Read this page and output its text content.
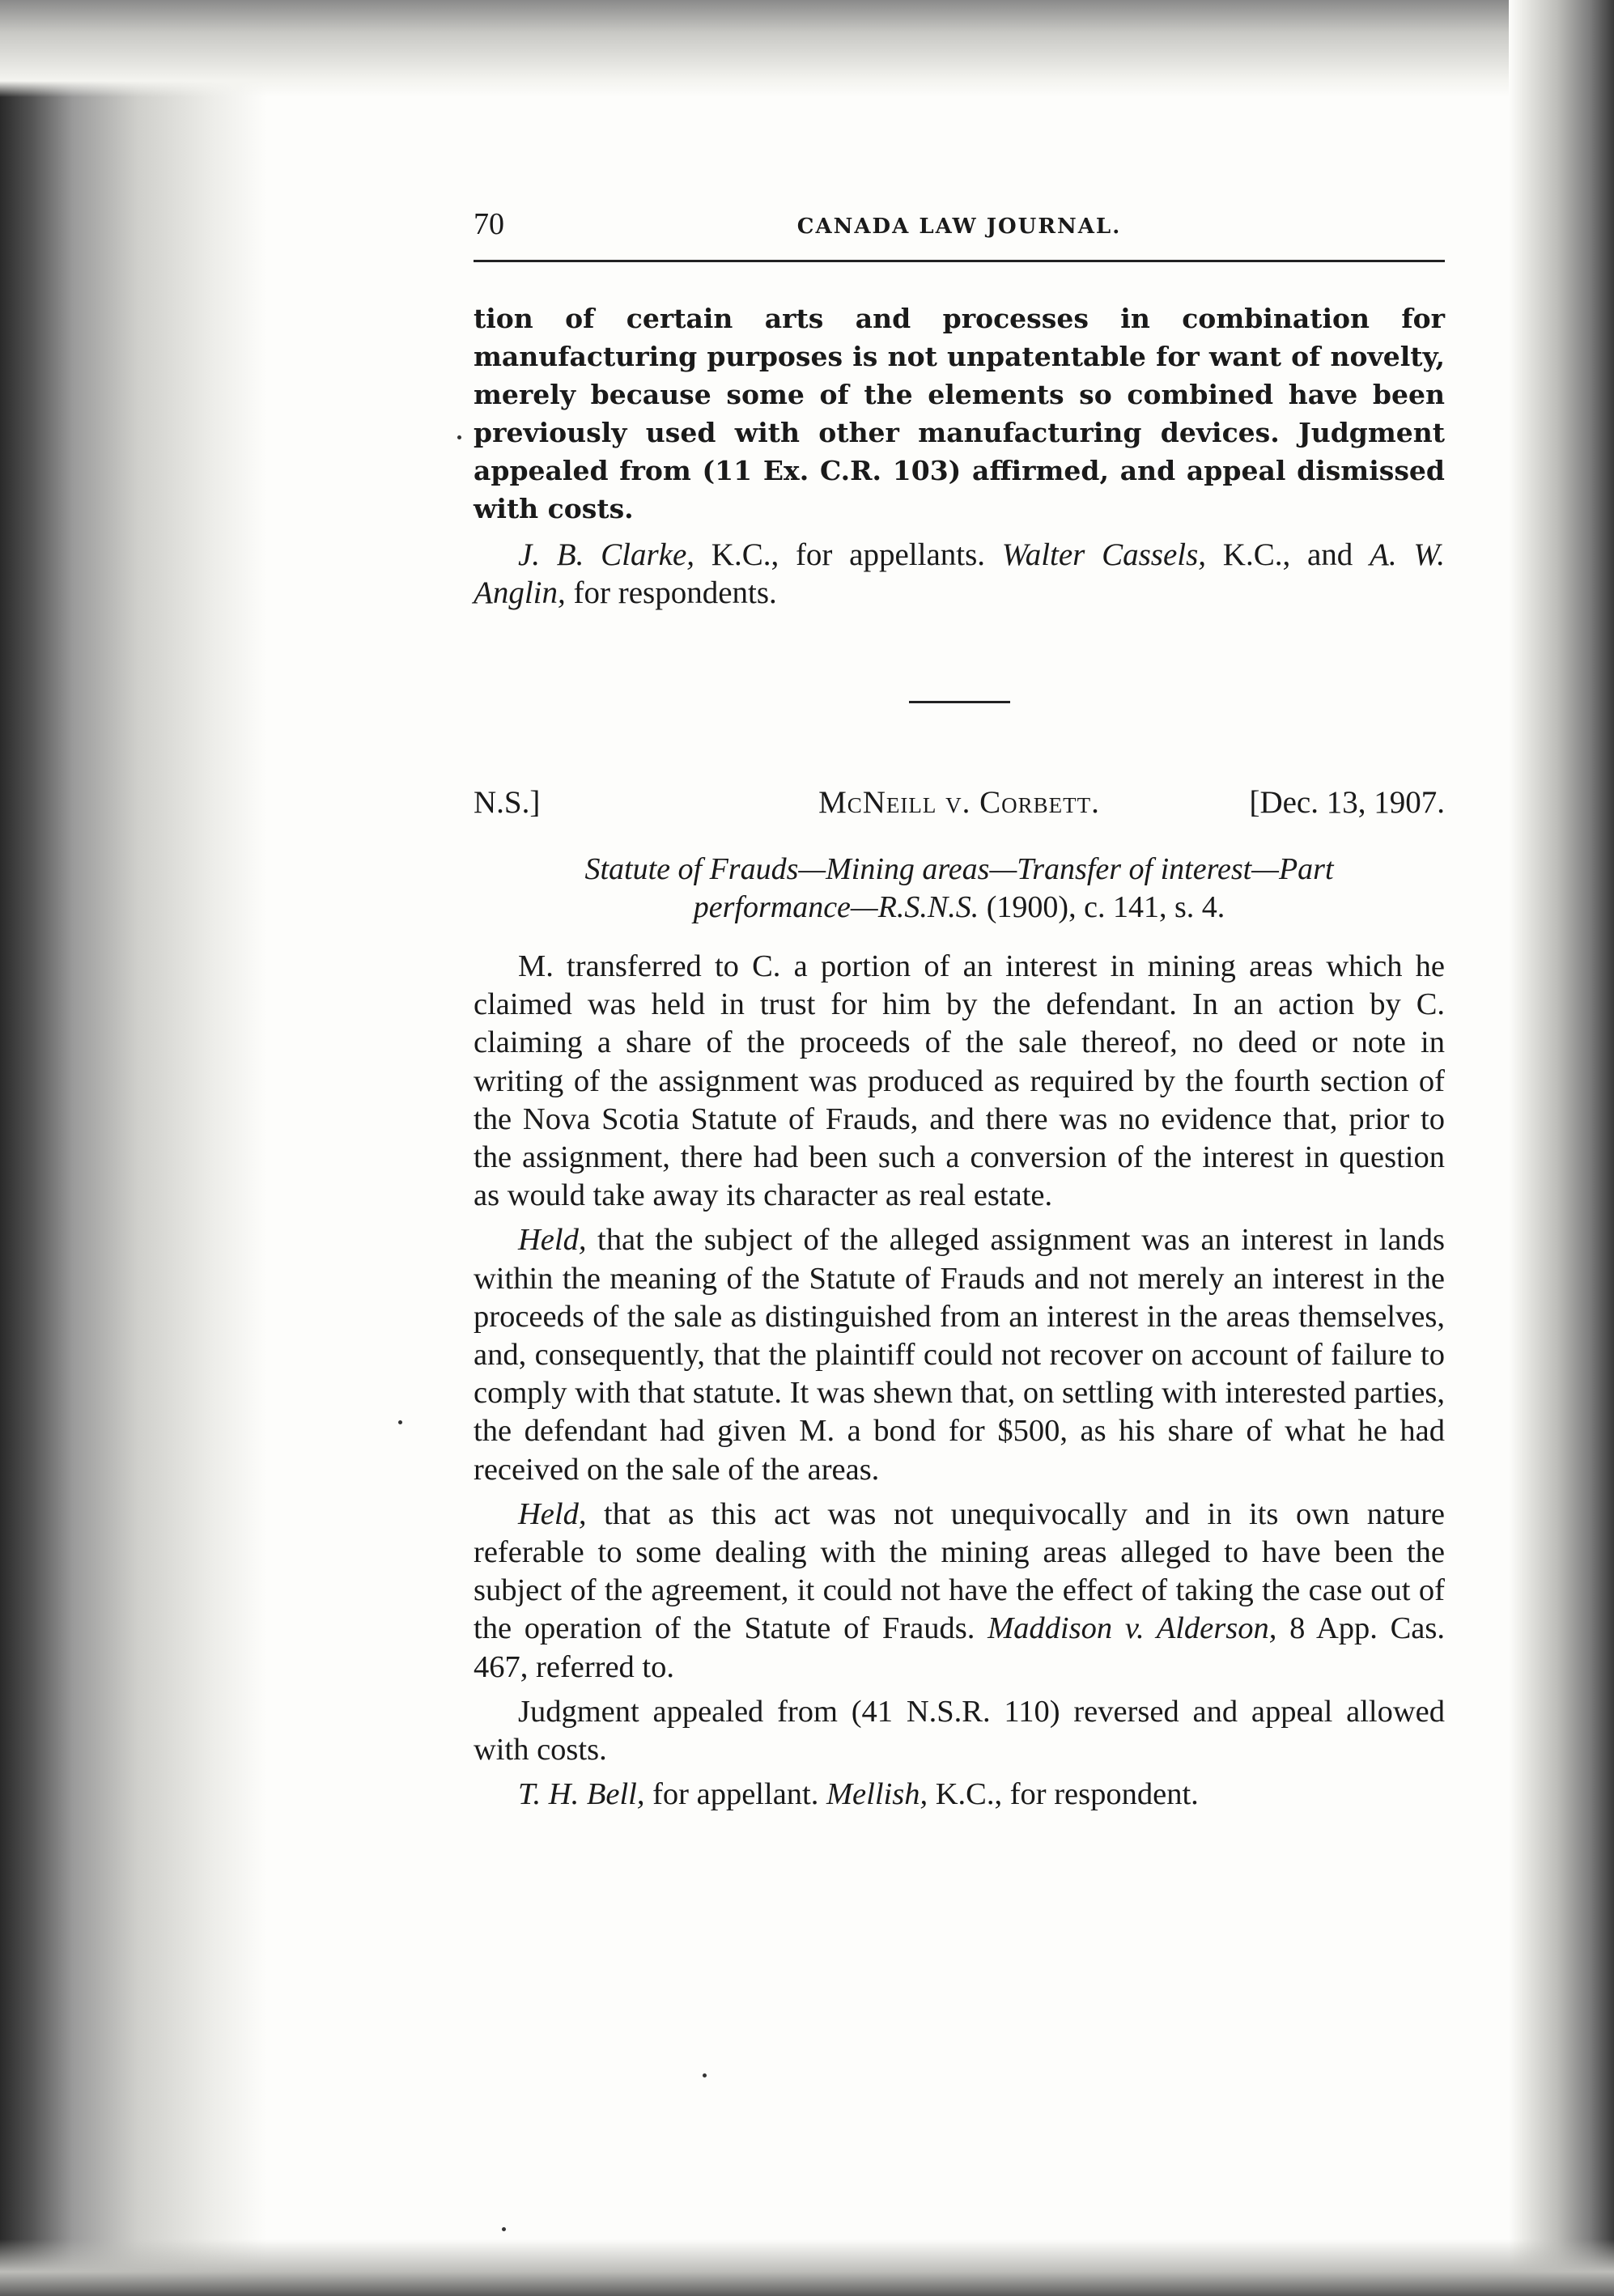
70	CANADA LAW JOURNAL.

tion of certain arts and processes in combination for manufacturing purposes is not unpatentable for want of novelty, merely because some of the elements so combined have been previously used with other manufacturing devices. Judgment appealed from (11 Ex. C.R. 103) affirmed, and appeal dismissed with costs.

J. B. Clarke, K.C., for appellants. Walter Cassels, K.C., and A. W. Anglin, for respondents.

N.S.]	McNeill v. Corbett.	[Dec. 13, 1907.

Statute of Frauds—Mining areas—Transfer of interest—Part
performance—R.S.N.S. (1900), c. 141, s. 4.

M. transferred to C. a portion of an interest in mining areas which he claimed was held in trust for him by the defendant. In an action by C. claiming a share of the proceeds of the sale thereof, no deed or note in writing of the assignment was produced as required by the fourth section of the Nova Scotia Statute of Frauds, and there was no evidence that, prior to the assignment, there had been such a conversion of the interest in question as would take away its character as real estate.

Held, that the subject of the alleged assignment was an interest in lands within the meaning of the Statute of Frauds and not merely an interest in the proceeds of the sale as distinguished from an interest in the areas themselves, and, consequently, that the plaintiff could not recover on account of failure to comply with that statute. It was shewn that, on settling with interested parties, the defendant had given M. a bond for $500, as his share of what he had received on the sale of the areas.

Held, that as this act was not unequivocally and in its own nature referable to some dealing with the mining areas alleged to have been the subject of the agreement, it could not have the effect of taking the case out of the operation of the Statute of Frauds. Maddison v. Alderson, 8 App. Cas. 467, referred to.

Judgment appealed from (41 N.S.R. 110) reversed and appeal allowed with costs.

T. H. Bell, for appellant. Mellish, K.C., for respondent.
